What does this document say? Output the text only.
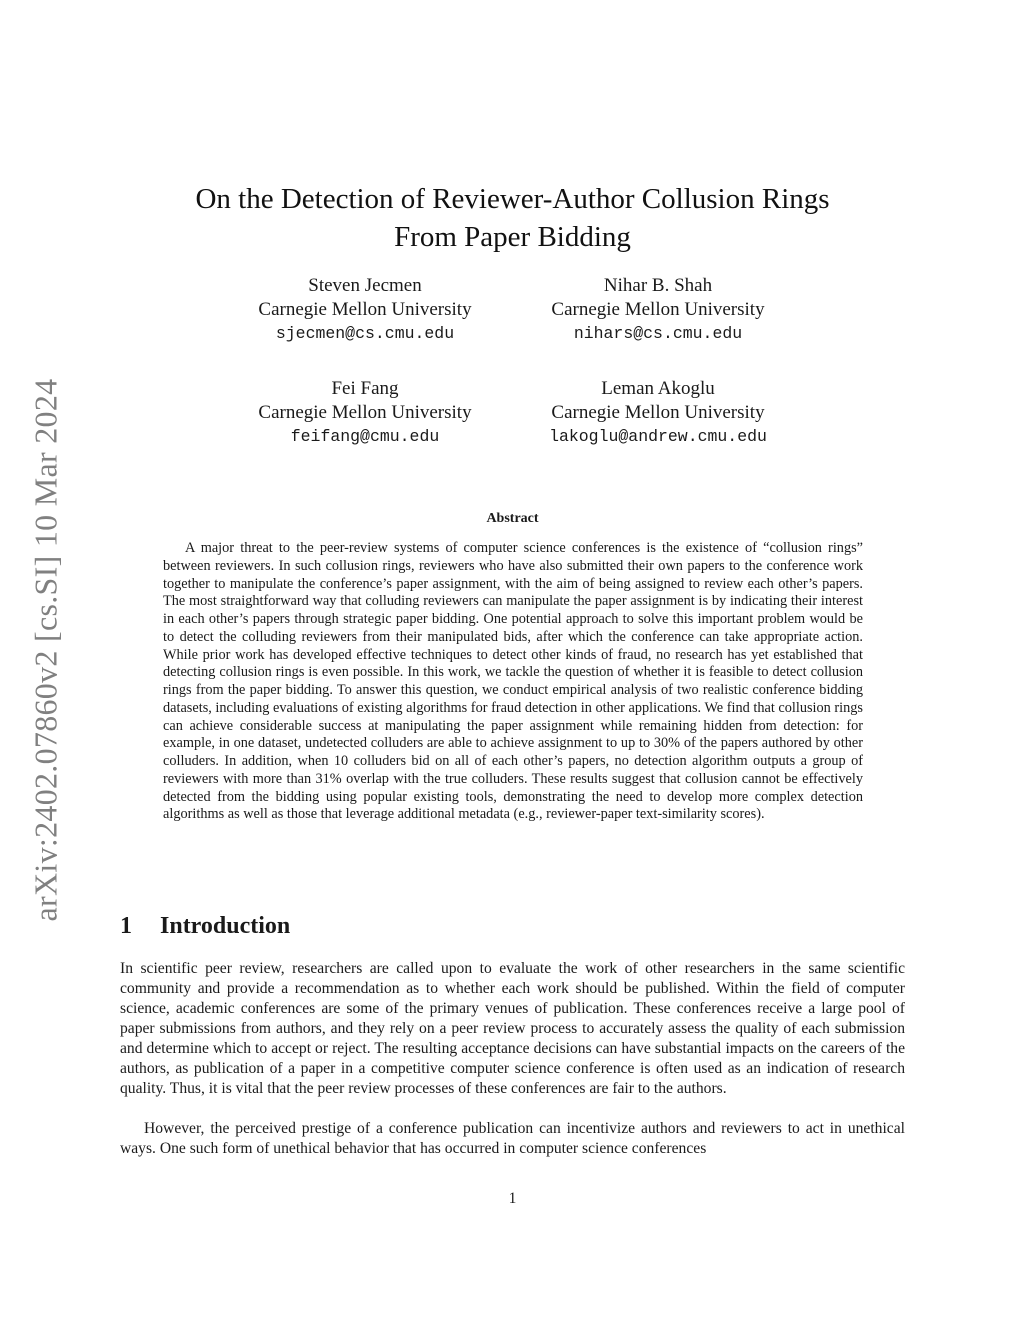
arXiv:2402.07860v2 [cs.SI] 10 Mar 2024
On the Detection of Reviewer-Author Collusion Rings
From Paper Bidding
Steven Jecmen
Carnegie Mellon University
sjecmen@cs.cmu.edu
Nihar B. Shah
Carnegie Mellon University
nihars@cs.cmu.edu
Fei Fang
Carnegie Mellon University
feifang@cmu.edu
Leman Akoglu
Carnegie Mellon University
lakoglu@andrew.cmu.edu
Abstract
A major threat to the peer-review systems of computer science conferences is the existence of “collusion rings” between reviewers. In such collusion rings, reviewers who have also submitted their own papers to the conference work together to manipulate the conference’s paper assignment, with the aim of being assigned to review each other’s papers. The most straightforward way that colluding reviewers can manipulate the paper assignment is by indicating their interest in each other’s papers through strategic paper bidding. One potential approach to solve this important problem would be to detect the colluding reviewers from their manipulated bids, after which the conference can take appropriate action. While prior work has developed effective techniques to detect other kinds of fraud, no research has yet established that detecting collusion rings is even possible. In this work, we tackle the question of whether it is feasible to detect collusion rings from the paper bidding. To answer this question, we conduct empirical analysis of two realistic conference bidding datasets, including evaluations of existing algorithms for fraud detection in other applications. We find that collusion rings can achieve considerable success at manipulating the paper assignment while remaining hidden from detection: for example, in one dataset, undetected colluders are able to achieve assignment to up to 30% of the papers authored by other colluders. In addition, when 10 colluders bid on all of each other’s papers, no detection algorithm outputs a group of reviewers with more than 31% overlap with the true colluders. These results suggest that collusion cannot be effectively detected from the bidding using popular existing tools, demonstrating the need to develop more complex detection algorithms as well as those that leverage additional metadata (e.g., reviewer-paper text-similarity scores).
1 Introduction
In scientific peer review, researchers are called upon to evaluate the work of other researchers in the same scientific community and provide a recommendation as to whether each work should be published. Within the field of computer science, academic conferences are some of the primary venues of publication. These conferences receive a large pool of paper submissions from authors, and they rely on a peer review process to accurately assess the quality of each submission and determine which to accept or reject. The resulting acceptance decisions can have substantial impacts on the careers of the authors, as publication of a paper in a competitive computer science conference is often used as an indication of research quality. Thus, it is vital that the peer review processes of these conferences are fair to the authors.
However, the perceived prestige of a conference publication can incentivize authors and reviewers to act in unethical ways. One such form of unethical behavior that has occurred in computer science conferences
1
